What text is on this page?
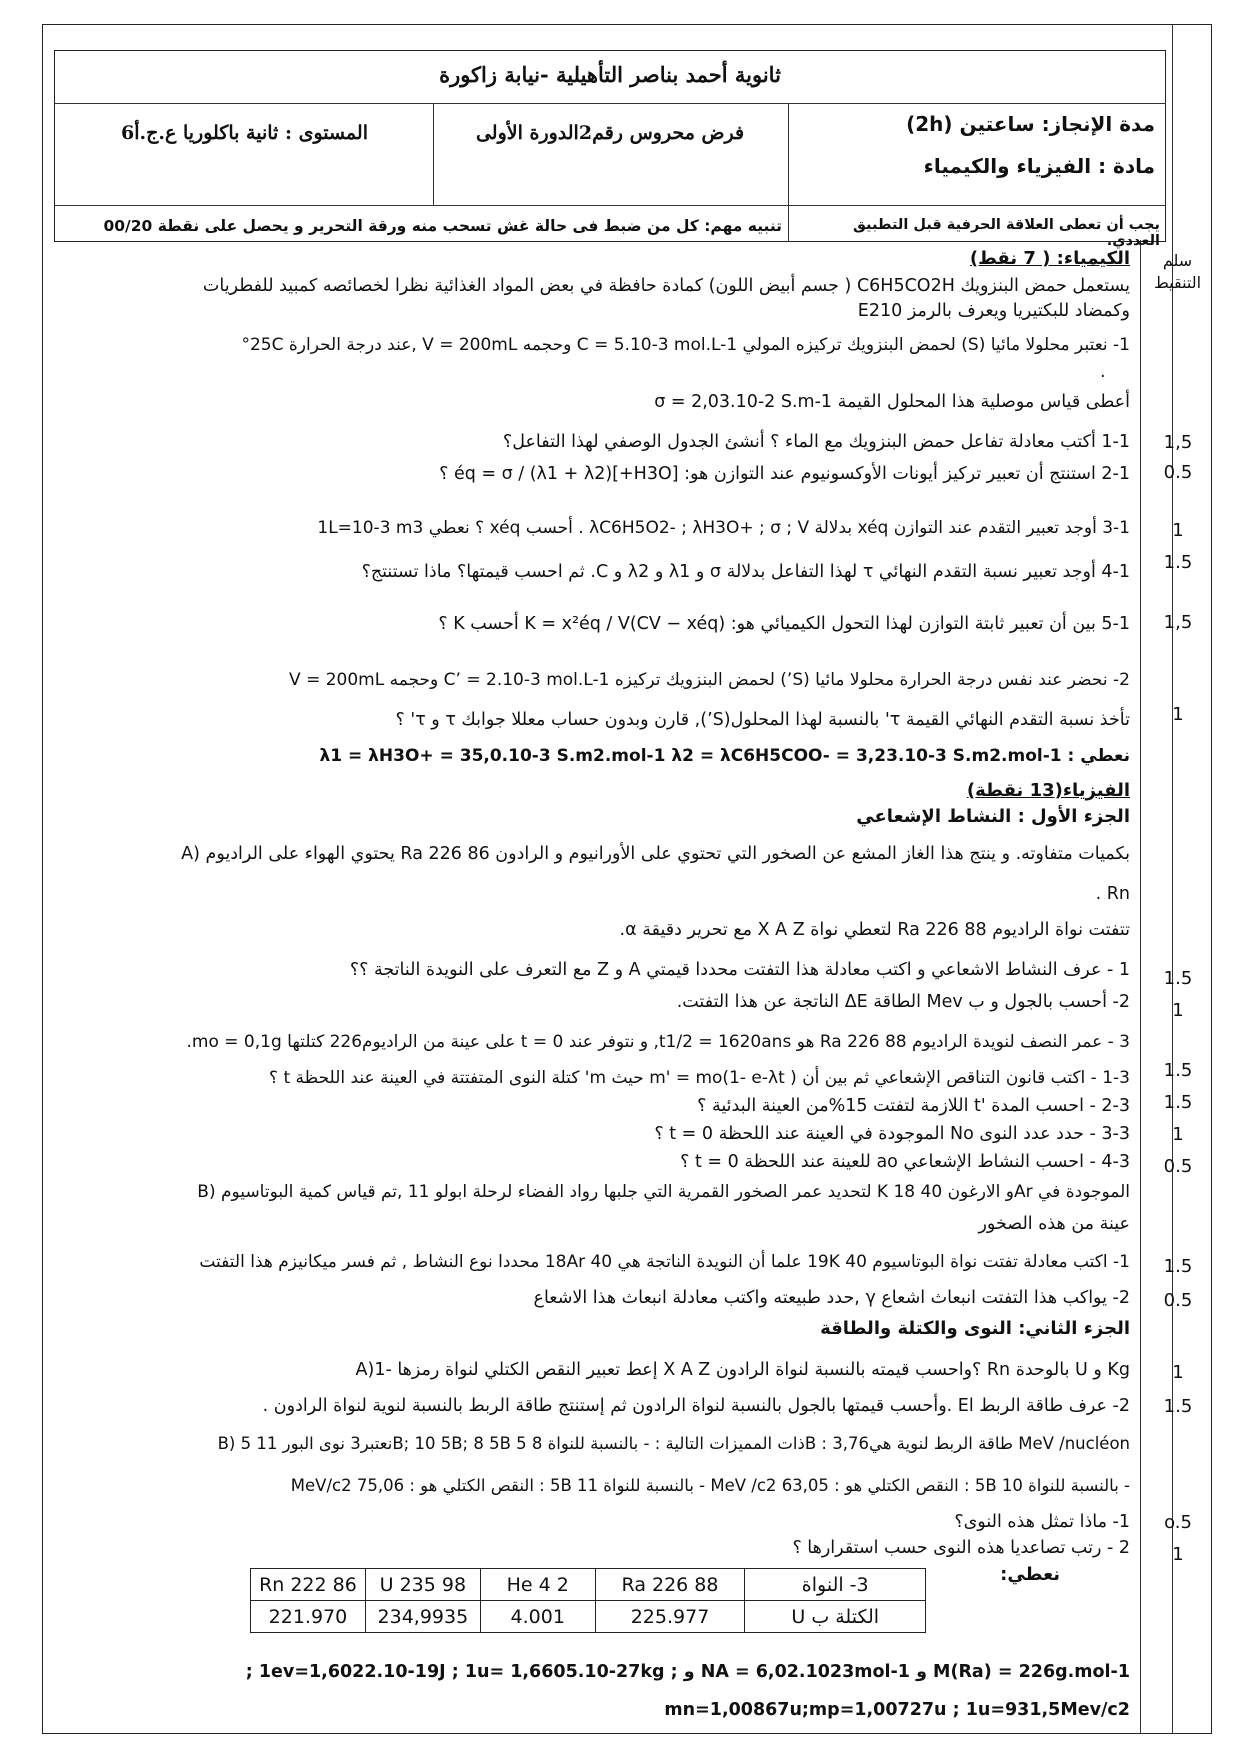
ثانوية أحمد بناصر التأهيلية -نيابة زاكورة
مدة الإنجاز: ساعتين (2h)
مادة : الفيزياء والكيمياء
فرض محروس رقم2الدورة الأولى
المستوى : ثانية باكلوريا ع.ج.أ6
تنبيه مهم: كل من ضبط فى حالة غش تسحب منه ورقة التحرير و يحصل على نقطة 00/20	يجب أن تعطى العلاقة الحرفية قبل التطبيق العددي.
سلم التنقيط
الكيمياء: ( 7 نقط)
يستعمل حمض البنزويك C6H5CO2H ( جسم أبيض اللون) كمادة حافظة في بعض المواد الغذائية نظرا لخصائصه كمبيد للفطريات
وكمضاد للبكتيريا ويعرف بالرمز E210
1- نعتبر محلولا مائيا (S) لحمض البنزويك تركيزه المولي C = 5.10-3 mol.L-1 وحجمه V = 200mL ,عند درجة الحرارة 25C°
.
أعطى قياس موصلية هذا المحلول القيمة σ = 2,03.10-2 S.m-1
1-1 أكتب معادلة تفاعل حمض البنزويك مع الماء ؟ أنشئ الجدول الوصفي لهذا التفاعل؟
2-1 استنتج أن تعبير تركيز أيونات الأوكسونيوم عند التوازن هو: [H3O+]éq = σ / (λ1 + λ2) ؟
3-1 أوجد تعبير التقدم عند التوازن xéq بدلالة λC6H5O2- ; λH3O+ ; σ ; V . أحسب xéq ؟ نعطي 1L=10-3 m3
4-1 أوجد تعبير نسبة التقدم النهائي τ لهذا التفاعل بدلالة σ و λ1 و λ2 و C. ثم احسب قيمتها؟ ماذا تستنتج؟
5-1 بين أن تعبير ثابتة التوازن لهذا التحول الكيميائي هو: K = x²éq / V(CV − xéq) أحسب K ؟
2- نحضر عند نفس درجة الحرارة محلولا مائيا (S’) لحمض البنزويك تركيزه C’ = 2.10-3 mol.L-1 وحجمه V = 200mL
تأخذ نسبة التقدم النهائي القيمة τ' بالنسبة لهذا المحلول(S’), قارن وبدون حساب معللا جوابك τ و τ' ؟
نعطي : λ1 = λH3O+ = 35,0.10-3 S.m2.mol-1 λ2 = λC6H5COO- = 3,23.10-3 S.m2.mol-1
الفيزياء(13 نقطة)
الجزء الأول : النشاط الإشعاعي
A) يحتوي الهواء على الراديوم Ra 226 86 بكميات متفاوته. و ينتج هذا الغاز المشع عن الصخور التي تحتوي على الأورانيوم و الرادون
. Rn
تتفتت نواة الراديوم Ra 226 88 لتعطي نواة X A Z مع تحرير دقيقة α.
1 - عرف النشاط الاشعاعي و اكتب معادلة هذا التفتت محددا قيمتي A و Z مع التعرف على النويدة الناتجة ؟؟
2- أحسب بالجول و ب Mev الطاقة ΔE الناتجة عن هذا التفتت.
3 - عمر النصف لنويدة الراديوم Ra 226 88 هو t1/2 = 1620ans, و نتوفر عند t = 0 على عينة من الراديوم226 كتلتها mo = 0,1g.
1-3 - اكتب قانون التناقص الإشعاعي ثم بين أن ( m' = mo(1- e-λt حيث m' كتلة النوى المتفتتة في العينة عند اللحظة t ؟
2-3 - احسب المدة 't اللازمة لتفتت 15%من العينة البدئية ؟
3-3 - حدد عدد النوى No الموجودة في العينة عند اللحظة t = 0 ؟
4-3 - احسب النشاط الإشعاعي ao للعينة عند اللحظة t = 0 ؟
B) لتحديد عمر الصخور القمرية التي جلبها رواد الفضاء لرحلة ابولو 11 ,تم قياس كمية البوتاسيوم K و الارغون 40 18Ar الموجودة في
عينة من هذه الصخور
1- اكتب معادلة تفتت نواة البوتاسيوم 40 19K علما أن النويدة الناتجة هي 40 18Ar محددا نوع النشاط , ثم فسر ميكانيزم هذا التفتت
2- يواكب هذا التفتت انبعاث اشعاع γ ,حدد طبيعته واكتب معادلة انبعاث هذا الاشعاع
الجزء الثاني: النوى والكتلة والطاقة
A)1- إعط تعبير النقص الكتلي لنواة رمزها X A Z ؟واحسب قيمته بالنسبة لنواة الرادون Rn بالوحدة U و Kg
2- عرف طاقة الربط El .وأحسب قيمتها بالجول بالنسبة لنواة الرادون ثم إستنتج طاقة الربط بالنسبة لنوية لنواة الرادون .
B) نعتبر3 نوى البور 11 5B; 10 5B; 8 5B ذات المميزات التالية : - بالنسبة للنواة 8 5B : طاقة الربط لنوية هي3,76 MeV /nucléon
- بالنسبة للنواة 10 5B : النقص الكتلي هو : 63,05 MeV /c2 - بالنسبة للنواة 11 5B : النقص الكتلي هو : 75,06 MeV/c2
1- ماذا تمثل هذه النوى؟
2 - رتب تصاعديا هذه النوى حسب استقرارها ؟
نعطي:
Rn 222 86	U 235 98	He 4 2	Ra 226 88	3- النواة
221.970	234,9935	4.001	225.977	الكتلة ب U
; 1ev=1,6022.10-19J ; 1u= 1,6605.10-27kg ; و NA = 6,02.1023mol-1 و M(Ra) = 226g.mol-1
mn=1,00867u;mp=1,00727u ; 1u=931,5Mev/c2
1,5
0.5
1
1.5
1,5
1
1.5
1
1.5
1.5
1
0.5
1.5
0.5
1
1.5
o.5
1
